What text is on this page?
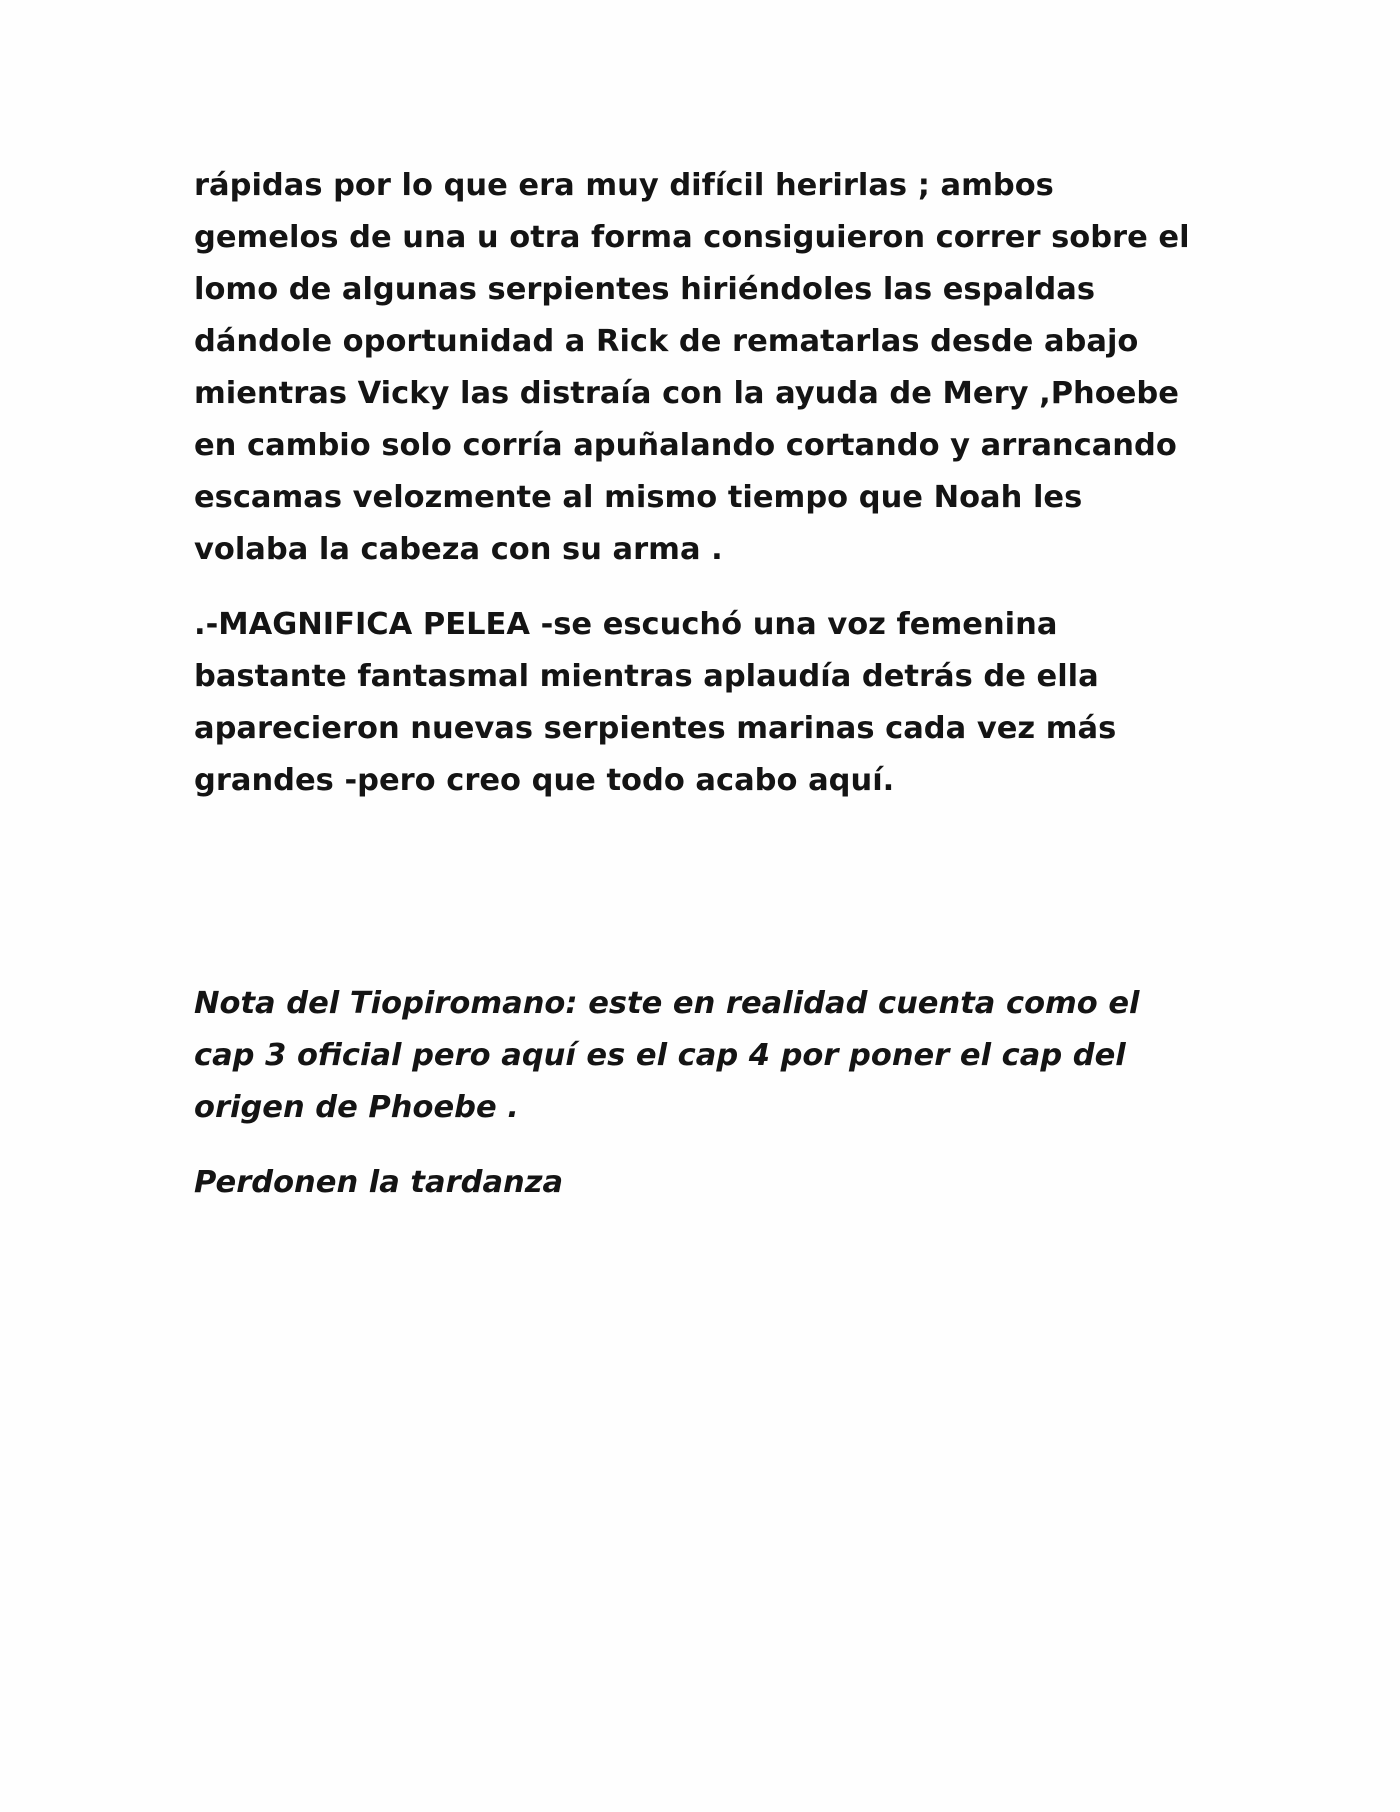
rápidas por lo que era muy difícil herirlas ; ambos
gemelos de una u otra forma consiguieron correr sobre el
lomo de algunas serpientes hiriéndoles las espaldas
dándole oportunidad a Rick de rematarlas desde abajo
mientras Vicky las distraía con la ayuda de Mery ,Phoebe
en cambio solo corría apuñalando cortando y arrancando
escamas velozmente al mismo tiempo que Noah les
volaba la cabeza con su arma .

.-MAGNIFICA PELEA -se escuchó una voz femenina
bastante fantasmal mientras aplaudía detrás de ella
aparecieron nuevas serpientes marinas cada vez más
grandes -pero creo que todo acabo aquí.

Nota del Tiopiromano: este en realidad cuenta como el
cap 3 oficial pero aquí es el cap 4 por poner el cap del
origen de Phoebe .

Perdonen la tardanza
